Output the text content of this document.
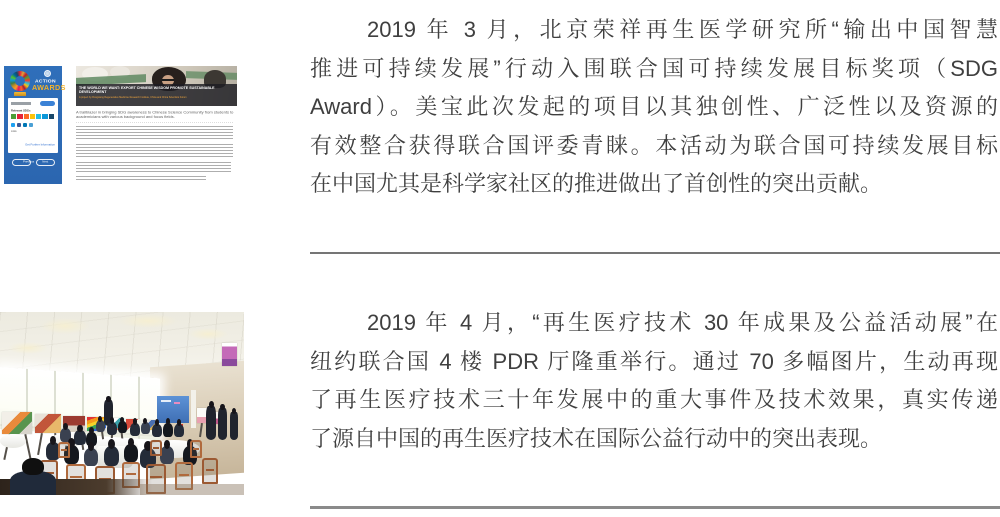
ACTION
AWARDS
Relevant SDGs
Links
Get Further Information
Previous	Next
THE WORLD WE WANT: EXPORT CHINESE WISDOM PROMOTE SUSTAINABLE DEVELOPMENT
A project by Rongxiang Regenerative Medicine Research Institute, China and China Scientists Forum
A trailblazer in bringing SDG awareness to Chinese Science Community from students to academicians with various background and focus fields.
2019 年 3 月，北京荣祥再生医学研究所“输出中国智慧
推进可持续发展”行动入围联合国可持续发展目标奖项（SDG
Award）。美宝此次发起的项目以其独创性、广泛性以及资源的
有效整合获得联合国评委青睐。本活动为联合国可持续发展目标
在中国尤其是科学家社区的推进做出了首创性的突出贡献。
2019 年 4 月，“再生医疗技术 30 年成果及公益活动展”在
纽约联合国 4 楼 PDR 厅隆重举行。通过 70 多幅图片，生动再现
了再生医疗技术三十年发展中的重大事件及技术效果，真实传递
了源自中国的再生医疗技术在国际公益行动中的突出表现。
